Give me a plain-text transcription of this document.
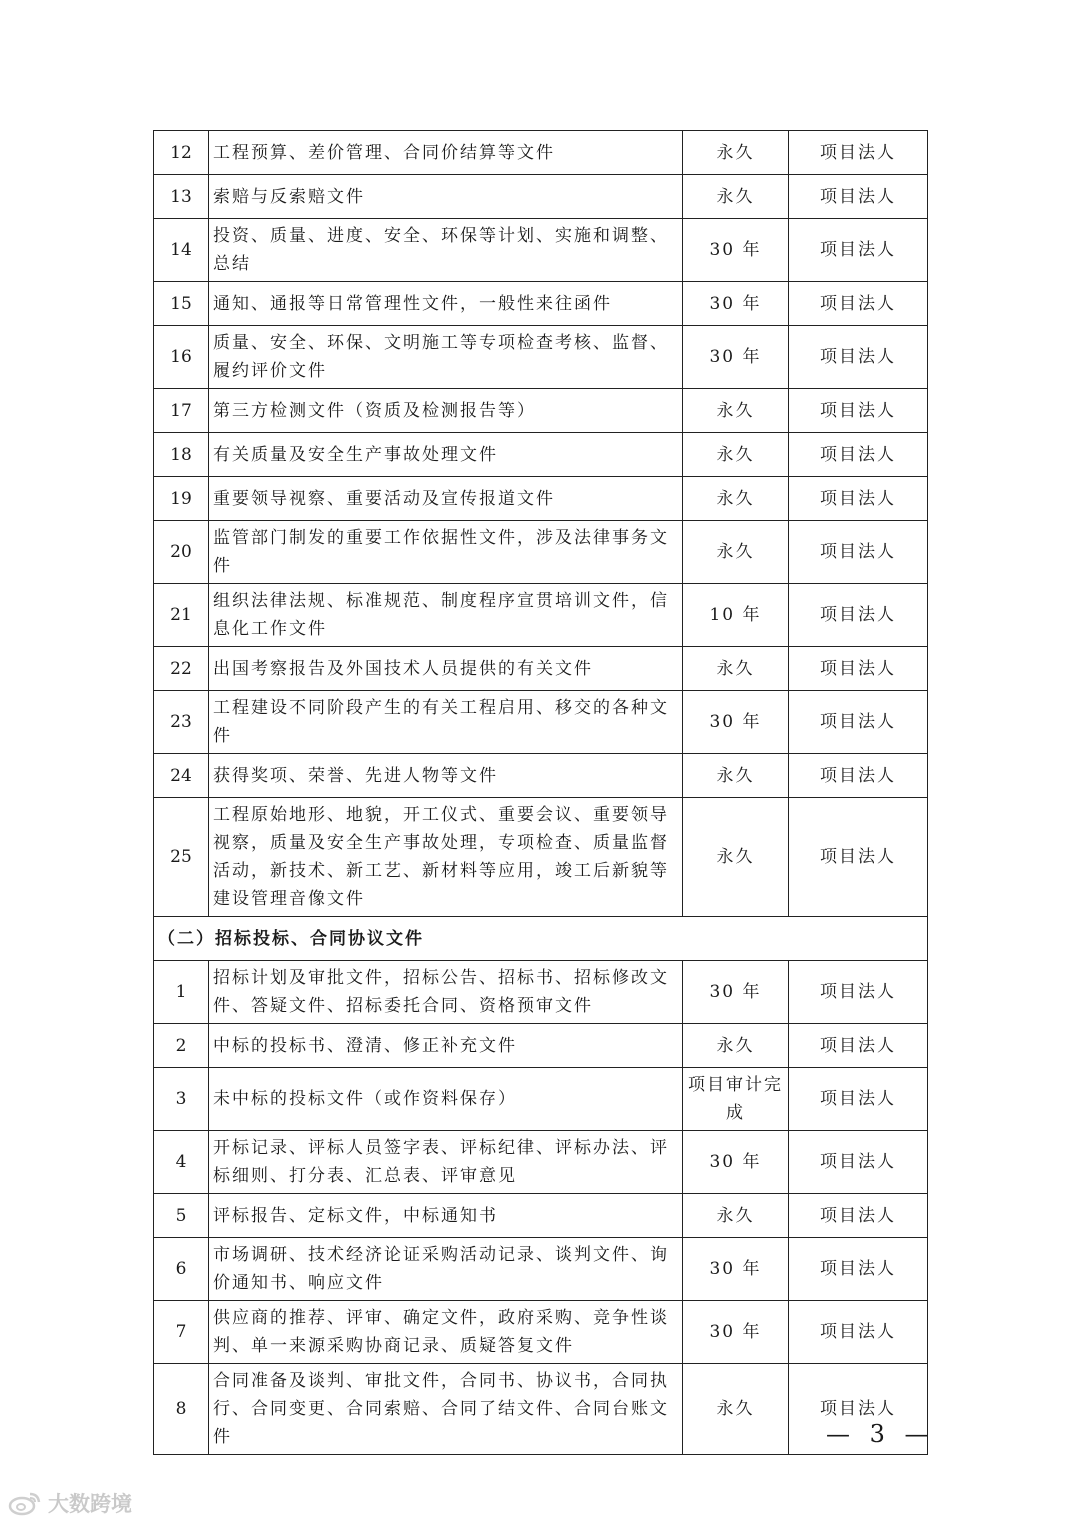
12	工程预算、差价管理、合同价结算等文件	永久	项目法人
13	索赔与反索赔文件	永久	项目法人
14	投资、质量、进度、安全、环保等计划、实施和调整、总结	30 年	项目法人
15	通知、通报等日常管理性文件，一般性来往函件	30 年	项目法人
16	质量、安全、环保、文明施工等专项检查考核、监督、履约评价文件	30 年	项目法人
17	第三方检测文件（资质及检测报告等）	永久	项目法人
18	有关质量及安全生产事故处理文件	永久	项目法人
19	重要领导视察、重要活动及宣传报道文件	永久	项目法人
20	监管部门制发的重要工作依据性文件，涉及法律事务文件	永久	项目法人
21	组织法律法规、标准规范、制度程序宣贯培训文件，信息化工作文件	10 年	项目法人
22	出国考察报告及外国技术人员提供的有关文件	永久	项目法人
23	工程建设不同阶段产生的有关工程启用、移交的各种文件	30 年	项目法人
24	获得奖项、荣誉、先进人物等文件	永久	项目法人
25	工程原始地形、地貌，开工仪式、重要会议、重要领导视察，质量及安全生产事故处理，专项检查、质量监督活动，新技术、新工艺、新材料等应用，竣工后新貌等建设管理音像文件	永久	项目法人
（二）招标投标、合同协议文件			
1	招标计划及审批文件，招标公告、招标书、招标修改文件、答疑文件、招标委托合同、资格预审文件	30 年	项目法人
2	中标的投标书、澄清、修正补充文件	永久	项目法人
3	未中标的投标文件（或作资料保存）	项目审计完成	项目法人
4	开标记录、评标人员签字表、评标纪律、评标办法、评标细则、打分表、汇总表、评审意见	30 年	项目法人
5	评标报告、定标文件，中标通知书	永久	项目法人
6	市场调研、技术经济论证采购活动记录、谈判文件、询价通知书、响应文件	30 年	项目法人
7	供应商的推荐、评审、确定文件，政府采购、竞争性谈判、单一来源采购协商记录、质疑答复文件	30 年	项目法人
8	合同准备及谈判、审批文件，合同书、协议书，合同执行、合同变更、合同索赔、合同了结文件、合同台账文件	永久	项目法人
— 3 —
大数跨境
